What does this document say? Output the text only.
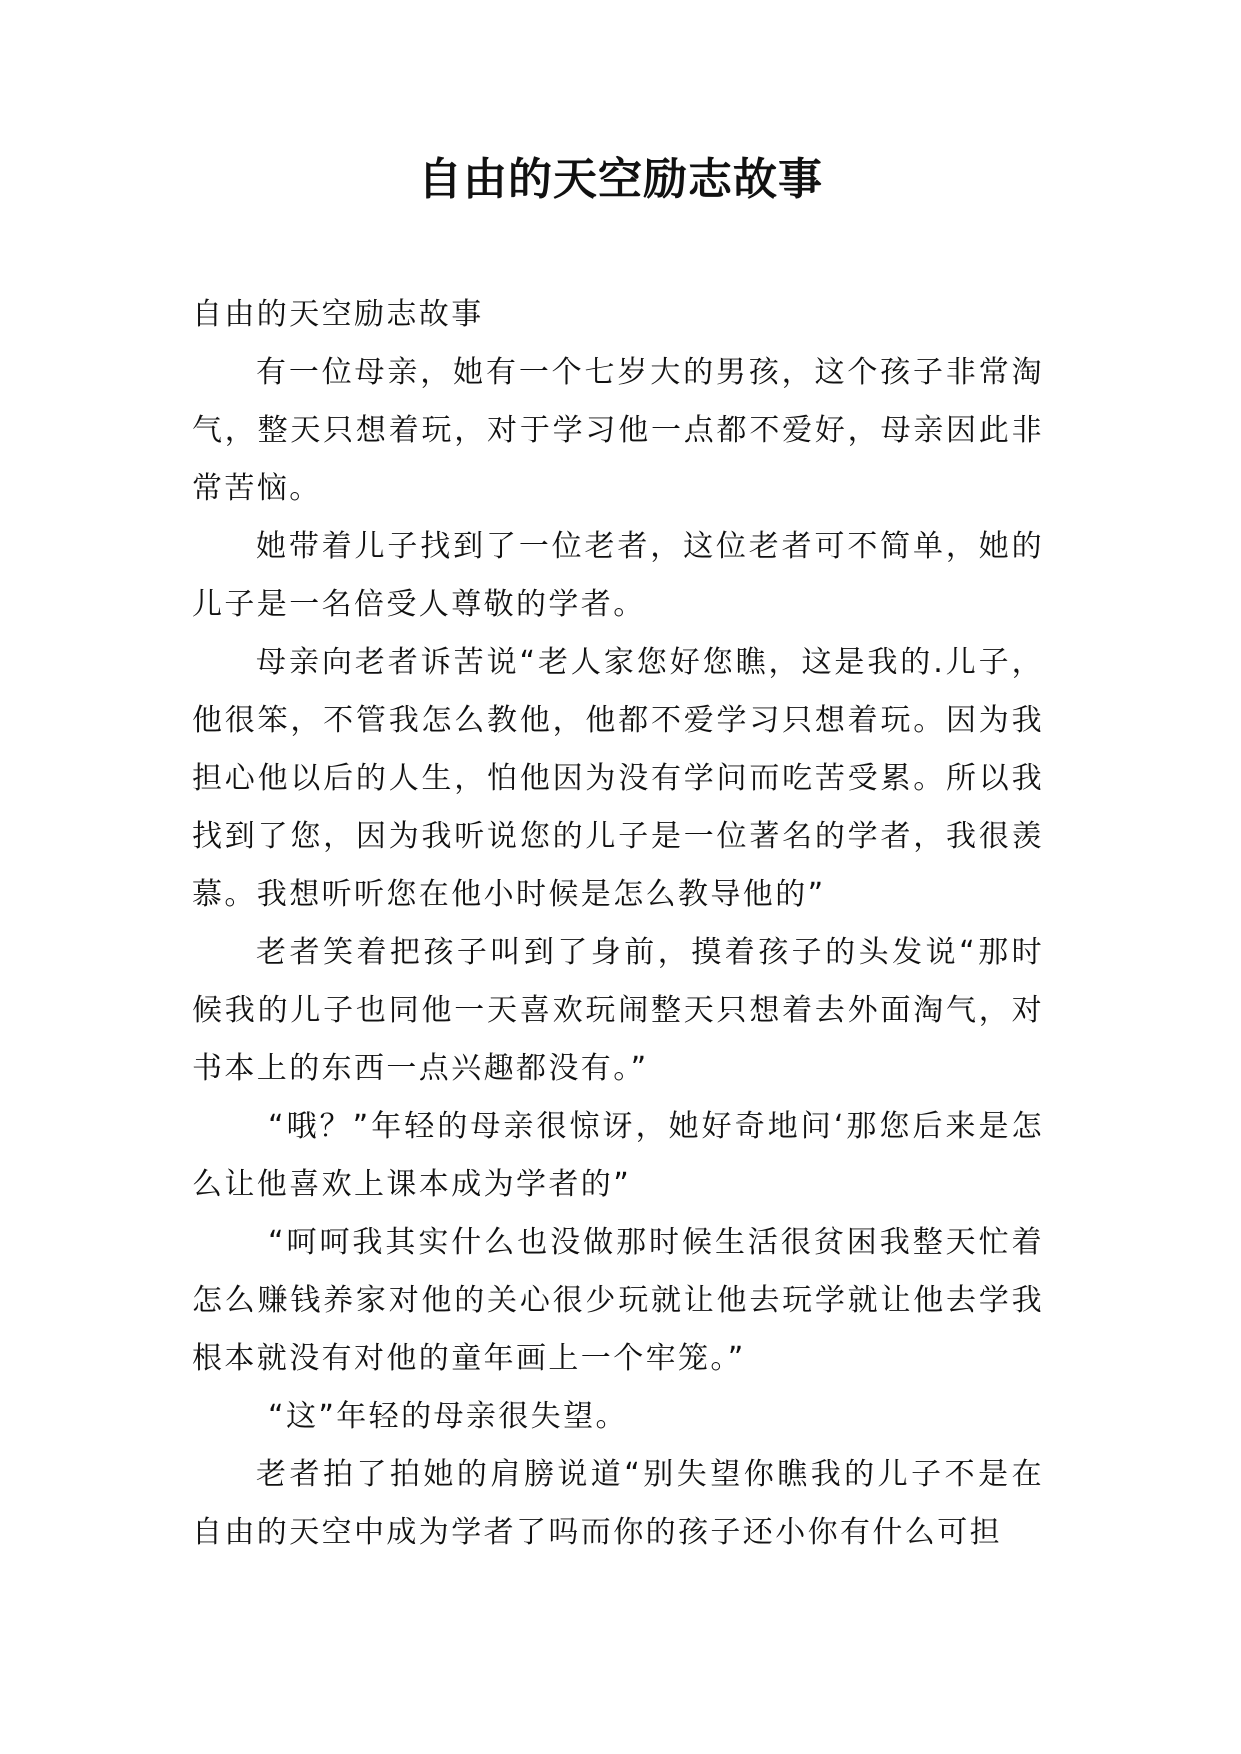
自由的天空励志故事

自由的天空励志故事

有一位母亲，她有一个七岁大的男孩，这个孩子非常淘气，整天只想着玩，对于学习他一点都不爱好，母亲因此非常苦恼。

她带着儿子找到了一位老者，这位老者可不简单，她的儿子是一名倍受人尊敬的学者。

母亲向老者诉苦说“老人家您好您瞧，这是我的.儿子，他很笨，不管我怎么教他，他都不爱学习只想着玩。因为我担心他以后的人生，怕他因为没有学问而吃苦受累。所以我找到了您，因为我听说您的儿子是一位著名的学者，我很羡慕。我想听听您在他小时候是怎么教导他的”

老者笑着把孩子叫到了身前，摸着孩子的头发说“那时候我的儿子也同他一天喜欢玩闹整天只想着去外面淘气，对书本上的东西一点兴趣都没有。”

“哦？”年轻的母亲很惊讶，她好奇地问‘那您后来是怎么让他喜欢上课本成为学者的”

“呵呵我其实什么也没做那时候生活很贫困我整天忙着怎么赚钱养家对他的关心很少玩就让他去玩学就让他去学我根本就没有对他的童年画上一个牢笼。”

“这”年轻的母亲很失望。

老者拍了拍她的肩膀说道“别失望你瞧我的儿子不是在自由的天空中成为学者了吗而你的孩子还小你有什么可担
